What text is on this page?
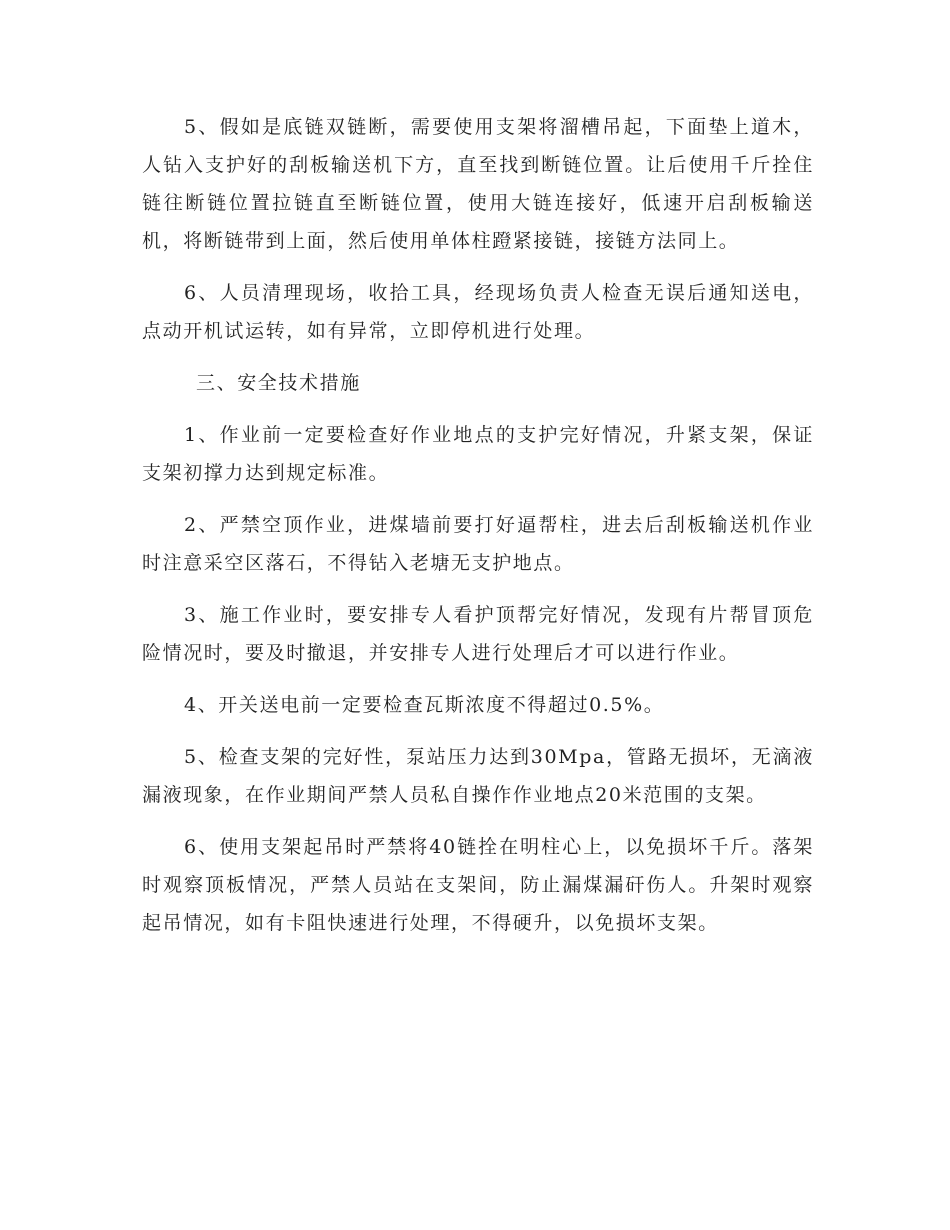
5、假如是底链双链断，需要使用支架将溜槽吊起，下面垫上道木，人钻入支护好的刮板输送机下方，直至找到断链位置。让后使用千斤拴住链往断链位置拉链直至断链位置，使用大链连接好，低速开启刮板输送机，将断链带到上面，然后使用单体柱蹬紧接链，接链方法同上。

6、人员清理现场，收拾工具，经现场负责人检查无误后通知送电，点动开机试运转，如有异常，立即停机进行处理。

三、安全技术措施

1、作业前一定要检查好作业地点的支护完好情况，升紧支架，保证支架初撑力达到规定标准。

2、严禁空顶作业，进煤墙前要打好逼帮柱，进去后刮板输送机作业时注意采空区落石，不得钻入老塘无支护地点。

3、施工作业时，要安排专人看护顶帮完好情况，发现有片帮冒顶危险情况时，要及时撤退，并安排专人进行处理后才可以进行作业。

4、开关送电前一定要检查瓦斯浓度不得超过0.5%。

5、检查支架的完好性，泵站压力达到30Mpa，管路无损坏，无滴液漏液现象，在作业期间严禁人员私自操作作业地点20米范围的支架。

6、使用支架起吊时严禁将40链拴在明柱心上，以免损坏千斤。落架时观察顶板情况，严禁人员站在支架间，防止漏煤漏矸伤人。升架时观察起吊情况，如有卡阻快速进行处理，不得硬升，以免损坏支架。
